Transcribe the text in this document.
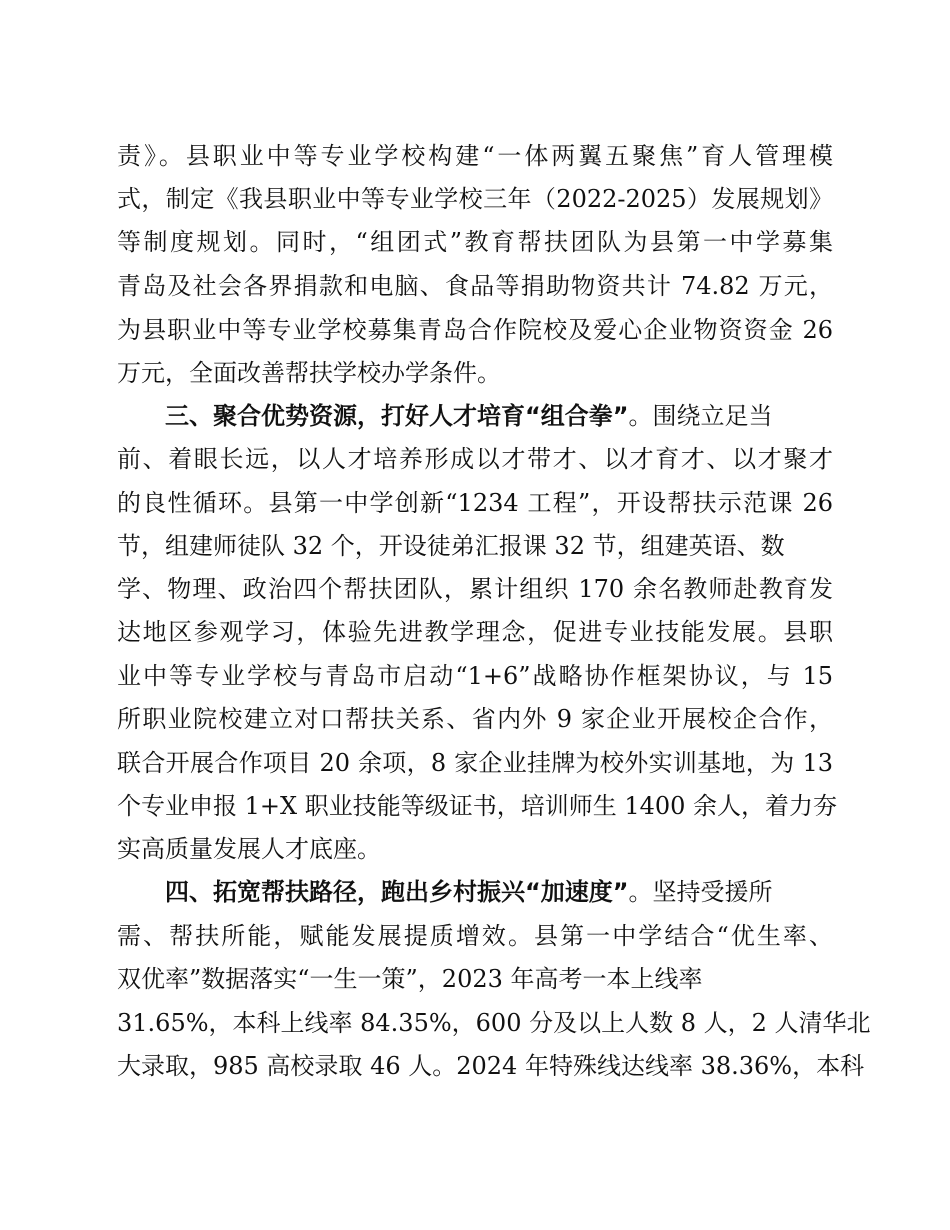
责》。县职业中等专业学校构建“一体两翼五聚焦”育人管理模
式，制定《我县职业中等专业学校三年（2022-2025）发展规划》
等制度规划。同时，“组团式”教育帮扶团队为县第一中学募集
青岛及社会各界捐款和电脑、食品等捐助物资共计 74.82 万元，
为县职业中等专业学校募集青岛合作院校及爱心企业物资资金 26
万元，全面改善帮扶学校办学条件。
三、聚合优势资源，打好人才培育“组合拳”。围绕立足当
前、着眼长远，以人才培养形成以才带才、以才育才、以才聚才
的良性循环。县第一中学创新“1234 工程”，开设帮扶示范课 26
节，组建师徒队 32 个，开设徒弟汇报课 32 节，组建英语、数
学、物理、政治四个帮扶团队，累计组织 170 余名教师赴教育发
达地区参观学习，体验先进教学理念，促进专业技能发展。县职
业中等专业学校与青岛市启动“1+6”战略协作框架协议，与 15
所职业院校建立对口帮扶关系、省内外 9 家企业开展校企合作，
联合开展合作项目 20 余项，8 家企业挂牌为校外实训基地，为 13
个专业申报 1+X 职业技能等级证书，培训师生 1400 余人，着力夯
实高质量发展人才底座。
四、拓宽帮扶路径，跑出乡村振兴“加速度”。坚持受援所
需、帮扶所能，赋能发展提质增效。县第一中学结合“优生率、
双优率”数据落实“一生一策”，2023 年高考一本上线率
31.65%，本科上线率 84.35%，600 分及以上人数 8 人，2 人清华北
大录取，985 高校录取 46 人。2024 年特殊线达线率 38.36%，本科
